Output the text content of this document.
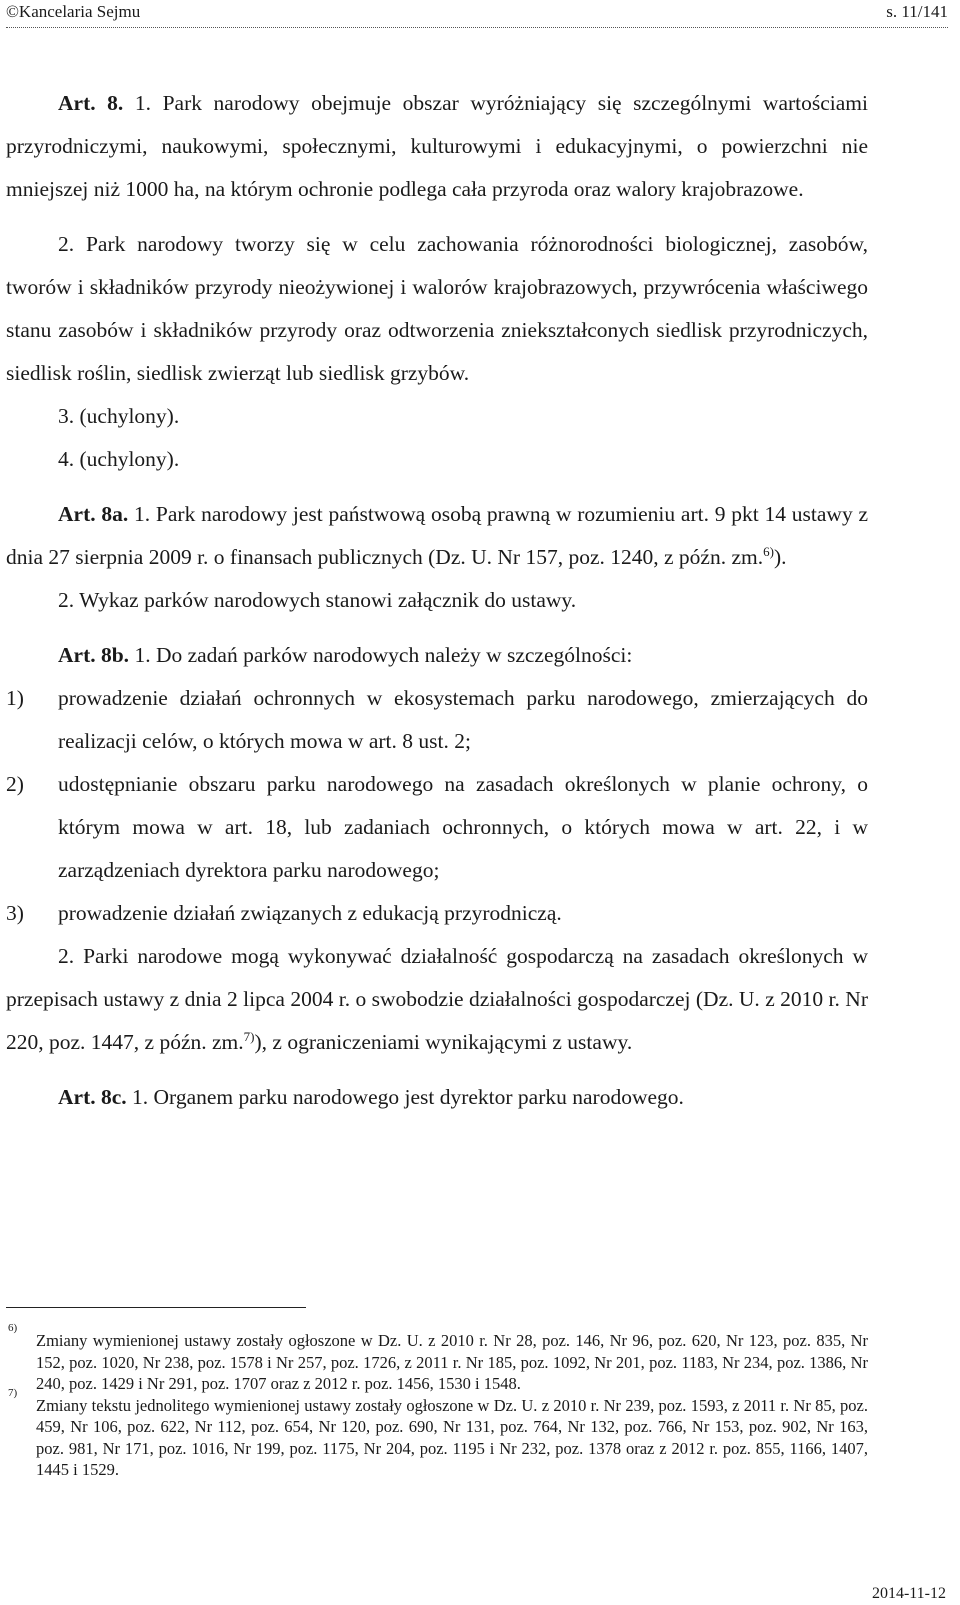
©Kancelaria Sejmu	s. 11/141

Art. 8. 1. Park narodowy obejmuje obszar wyróżniający się szczególnymi wartościami przyrodniczymi, naukowymi, społecznymi, kulturowymi i edukacyjnymi, o powierzchni nie mniejszej niż 1000 ha, na którym ochronie podlega cała przyroda oraz walory krajobrazowe.

2. Park narodowy tworzy się w celu zachowania różnorodności biologicznej, zasobów, tworów i składników przyrody nieożywionej i walorów krajobrazowych, przywrócenia właściwego stanu zasobów i składników przyrody oraz odtworzenia zniekształconych siedlisk przyrodniczych, siedlisk roślin, siedlisk zwierząt lub siedlisk grzybów.

3. (uchylony).

4. (uchylony).

Art. 8a. 1. Park narodowy jest państwową osobą prawną w rozumieniu art. 9 pkt 14 ustawy z dnia 27 sierpnia 2009 r. o finansach publicznych (Dz. U. Nr 157, poz. 1240, z późn. zm.$^{6)}$).

2. Wykaz parków narodowych stanowi załącznik do ustawy.

Art. 8b. 1. Do zadań parków narodowych należy w szczególności:

1)	prowadzenie działań ochronnych w ekosystemach parku narodowego, zmierzających do realizacji celów, o których mowa w art. 8 ust. 2;
2)	udostępnianie obszaru parku narodowego na zasadach określonych w planie ochrony, o którym mowa w art. 18, lub zadaniach ochronnych, o których mowa w art. 22, i w zarządzeniach dyrektora parku narodowego;
3)	prowadzenie działań związanych z edukacją przyrodniczą.

2. Parki narodowe mogą wykonywać działalność gospodarczą na zasadach określonych w przepisach ustawy z dnia 2 lipca 2004 r. o swobodzie działalności gospodarczej (Dz. U. z 2010 r. Nr 220, poz. 1447, z późn. zm.$^{7)}$), z ograniczeniami wynikającymi z ustawy.

Art. 8c. 1. Organem parku narodowego jest dyrektor parku narodowego.

6)
Zmiany wymienionej ustawy zostały ogłoszone w Dz. U. z 2010 r. Nr 28, poz. 146, Nr 96, poz. 620, Nr 123, poz. 835, Nr 152, poz. 1020, Nr 238, poz. 1578 i Nr 257, poz. 1726, z 2011 r. Nr 185, poz. 1092, Nr 201, poz. 1183, Nr 234, poz. 1386, Nr 240, poz. 1429 i Nr 291, poz. 1707 oraz z 2012 r. poz. 1456, 1530 i 1548.
7)
Zmiany tekstu jednolitego wymienionej ustawy zostały ogłoszone w Dz. U. z 2010 r. Nr 239, poz. 1593, z 2011 r. Nr 85, poz. 459, Nr 106, poz. 622, Nr 112, poz. 654, Nr 120, poz. 690, Nr 131, poz. 764, Nr 132, poz. 766, Nr 153, poz. 902, Nr 163, poz. 981, Nr 171, poz. 1016, Nr 199, poz. 1175, Nr 204, poz. 1195 i Nr 232, poz. 1378 oraz z 2012 r. poz. 855, 1166, 1407, 1445 i 1529.
2014-11-12
